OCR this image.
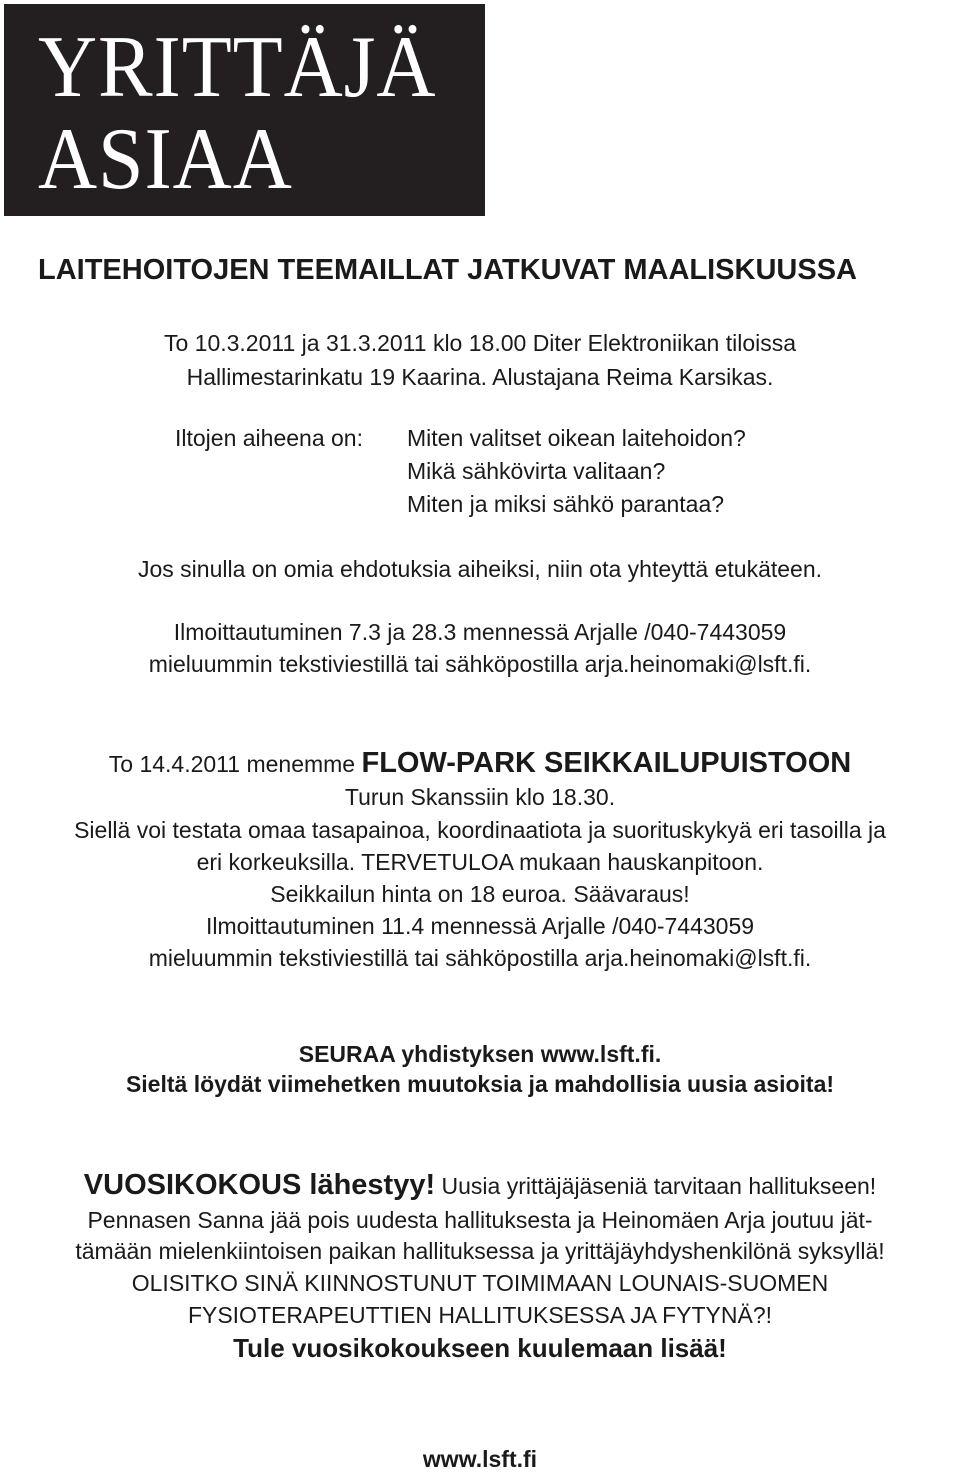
YRITTÄJÄ
ASIAA
LAITEHOITOJEN TEEMAILLAT JATKUVAT MAALISKUUSSA
To 10.3.2011 ja 31.3.2011 klo 18.00 Diter Elektroniikan tiloissa
Hallimestarinkatu 19 Kaarina. Alustajana Reima Karsikas.
Iltojen aiheena on: Miten valitset oikean laitehoidon?
Mikä sähkövirta valitaan?
Miten ja miksi sähkö parantaa?
Jos sinulla on omia ehdotuksia aiheiksi, niin ota yhteyttä etukäteen.
Ilmoittautuminen 7.3 ja 28.3 mennessä Arjalle /040-7443059
mieluummin tekstiviestillä tai sähköpostilla arja.heinomaki@lsft.fi.
To 14.4.2011 menemme FLOW-PARK SEIKKAILUPUISTOON
Turun Skanssiin klo 18.30.
Siellä voi testata omaa tasapainoa, koordinaatiota ja suorituskykyä eri tasoilla ja
eri korkeuksilla. TERVETULOA mukaan hauskanpitoon.
Seikkailun hinta on 18 euroa. Säävaraus!
Ilmoittautuminen 11.4 mennessä Arjalle /040-7443059
mieluummin tekstiviestillä tai sähköpostilla arja.heinomaki@lsft.fi.
SEURAA yhdistyksen www.lsft.fi.
Sieltä löydät viimehetken muutoksia ja mahdollisia uusia asioita!
VUOSIKOKOUS lähestyy! Uusia yrittäjäjäseniä tarvitaan hallitukseen!
Pennasen Sanna jää pois uudesta hallituksesta ja Heinomäen Arja joutuu jät-
tämään mielenkiintoisen paikan hallituksessa ja yrittäjäyhdyshenkilönä syksyllä!
OLISITKO SINÄ KIINNOSTUNUT TOIMIMAAN LOUNAIS-SUOMEN
FYSIOTERAPEUTTIEN HALLITUKSESSA JA FYTYNÄ?!
Tule vuosikokoukseen kuulemaan lisää!
www.lsft.fi
